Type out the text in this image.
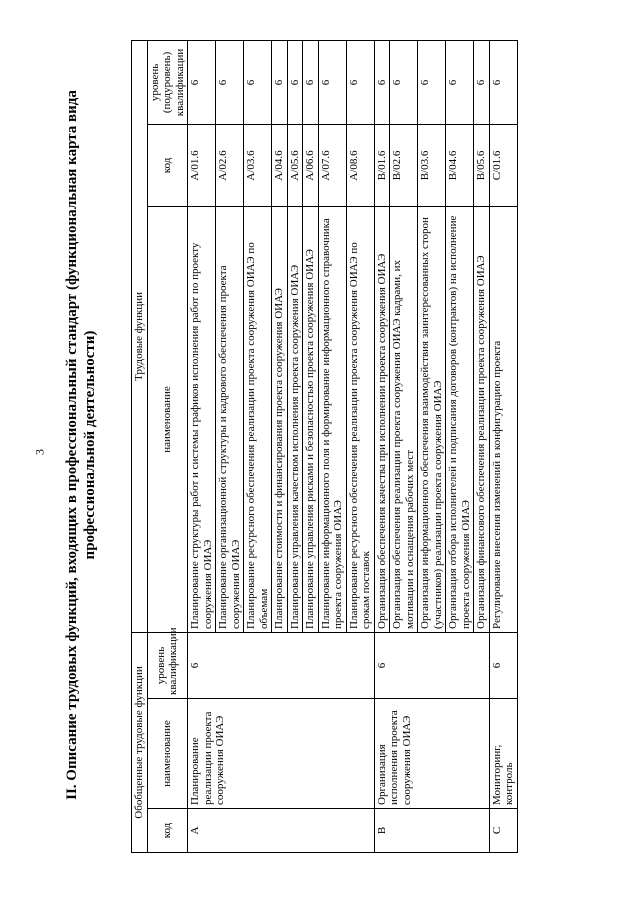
3 II. Описание трудовых функций, входящих в профессиональный стандарт (функциональная карта вида профессиональной деятельности)
Обобщенные трудовые функции			Трудовые функции		
код	наименование	уровень квалификации	наименование	код	уровень (подуровень) квалификации
A	Планирование реализации проекта сооружения ОИАЭ	6	Планирование структуры работ и системы графиков исполнения работ по проекту сооружения ОИАЭ	A/01.6	6
			Планирование организационной структуры и кадрового обеспечения проекта сооружения ОИАЭ	A/02.6	6
			Планирование ресурсного обеспечения реализации проекта сооружения ОИАЭ по объемам	A/03.6	6
			Планирование стоимости и финансирования проекта сооружения ОИАЭ	A/04.6	6
			Планирование управления качеством исполнения проекта сооружения ОИАЭ	A/05.6	6
			Планирование управления рисками и безопасностью проекта сооружения ОИАЭ	A/06.6	6
			Планирование информационного поля и формирование информационного справочника проекта сооружения ОИАЭ	A/07.6	6
			Планирование ресурсного обеспечения реализации проекта сооружения ОИАЭ по срокам поставок	A/08.6	6
B	Организация исполнения проекта сооружения ОИАЭ	6	Организация обеспечения качества при исполнении проекта сооружения ОИАЭ	B/01.6	6
			Организация обеспечения реализации проекта сооружения ОИАЭ кадрами, их мотивации и оснащения рабочих мест	B/02.6	6
			Организация информационного обеспечения взаимодействия заинтересованных сторон (участников) реализации проекта сооружения ОИАЭ	B/03.6	6
			Организация отбора исполнителей и подписания договоров (контрактов) на исполнение проекта сооружения ОИАЭ	B/04.6	6
			Организация финансового обеспечения реализации проекта сооружения ОИАЭ	B/05.6	6
C	Мониторинг, контроль	6	Регулирование внесения изменений в конфигурацию проекта	C/01.6	6
